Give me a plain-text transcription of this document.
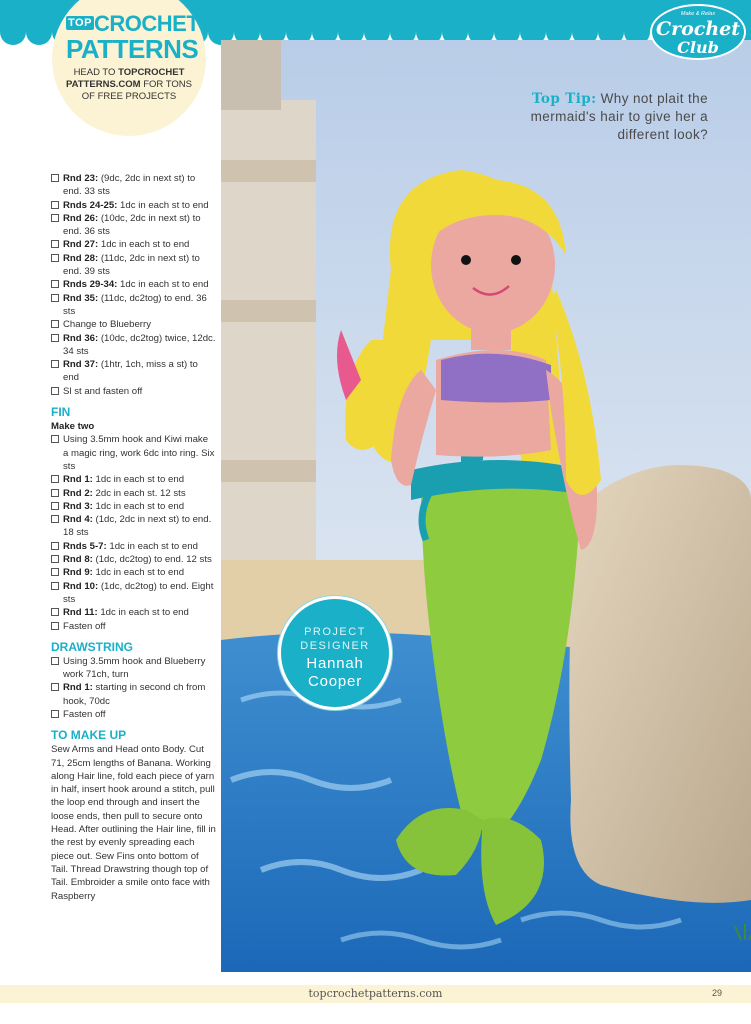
TOP CROCHET
PATTERNS
HEAD TO TOPCROCHET PATTERNS.COM FOR TONS OF FREE PROJECTS
Make & Relax
Crochet
Club
Top Tip: Why not plait the mermaid's hair to give her a different look?
PROJECT
DESIGNER
Hannah
Cooper
Rnd 23: (9dc, 2dc in next st) to end. 33 sts
Rnds 24-25: 1dc in each st to end
Rnd 26: (10dc, 2dc in next st) to end. 36 sts
Rnd 27: 1dc in each st to end
Rnd 28: (11dc, 2dc in next st) to end. 39 sts
Rnds 29-34: 1dc in each st to end
Rnd 35: (11dc, dc2tog) to end. 36 sts
Change to Blueberry
Rnd 36: (10dc, dc2tog) twice, 12dc. 34 sts
Rnd 37: (1htr, 1ch, miss a st) to end
Sl st and fasten off
FIN
Make two
Using 3.5mm hook and Kiwi make a magic ring, work 6dc into ring. Six sts
Rnd 1: 1dc in each st to end
Rnd 2: 2dc in each st. 12 sts
Rnd 3: 1dc in each st to end
Rnd 4: (1dc, 2dc in next st) to end. 18 sts
Rnds 5-7: 1dc in each st to end
Rnd 8: (1dc, dc2tog) to end. 12 sts
Rnd 9: 1dc in each st to end
Rnd 10: (1dc, dc2tog) to end. Eight sts
Rnd 11: 1dc in each st to end
Fasten off
DRAWSTRING
Using 3.5mm hook and Blueberry work 71ch, turn
Rnd 1: starting in second ch from hook, 70dc
Fasten off
TO MAKE UP
Sew Arms and Head onto Body. Cut 71, 25cm lengths of Banana. Working along Hair line, fold each piece of yarn in half, insert hook around a stitch, pull the loop end through and insert the loose ends, then pull to secure onto Head. After outlining the Hair line, fill in the rest by evenly spreading each piece out. Sew Fins onto bottom of Tail. Thread Drawstring though top of Tail. Embroider a smile onto face with Raspberry
topcrochetpatterns.com	29
